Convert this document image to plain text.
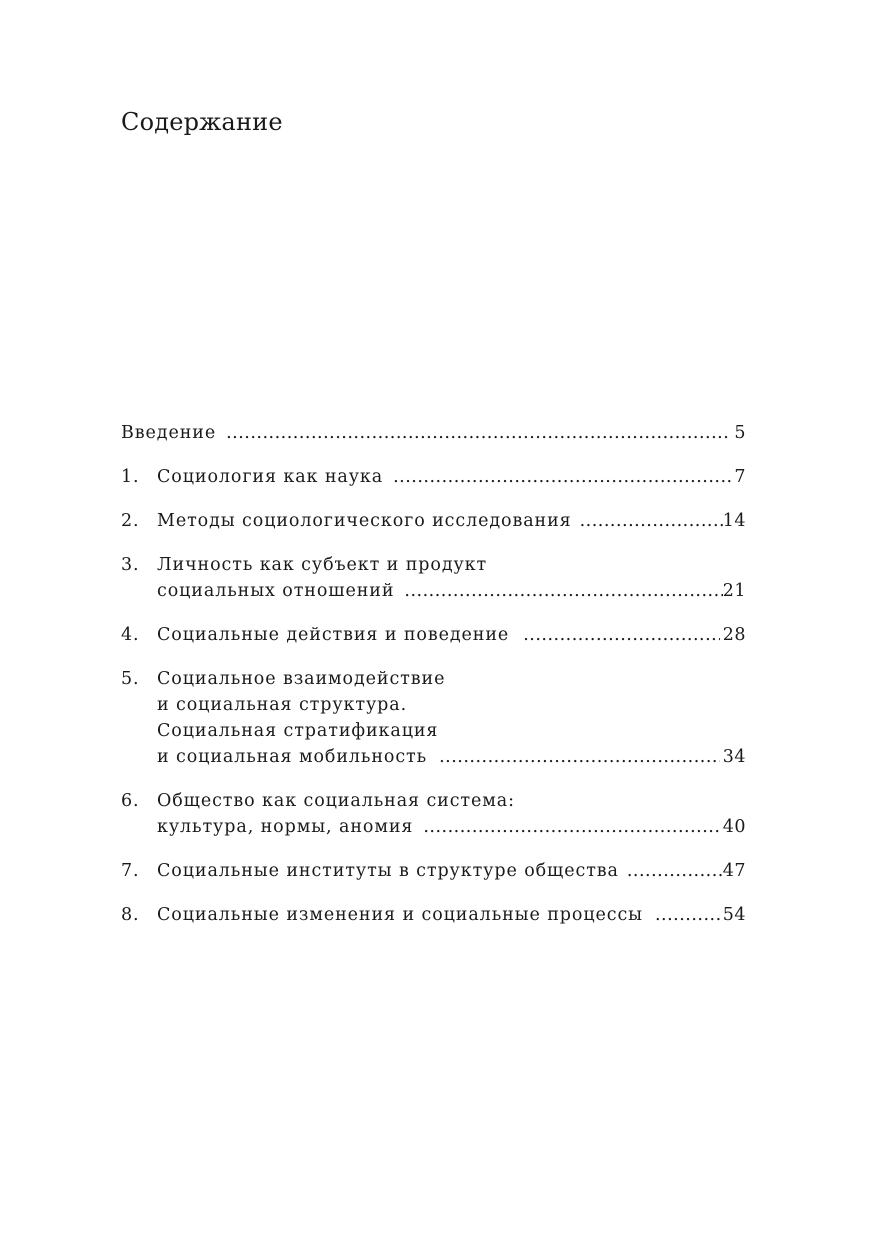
Содержание
Введение .....	5
1. Социология как наука .....	7
2. Методы социологического исследования .....	14
3. Личность как субъект и продукт
социальных отношений .....	21
4. Социальные действия и поведение .....	28
5. Социальное взаимодействие
и социальная структура.
Социальная стратификация
и социальная мобильность .....	34
6. Общество как социальная система:
культура, нормы, аномия .....	40
7. Социальные институты в структуре общества .....	47
8. Социальные изменения и социальные процессы .....	54
